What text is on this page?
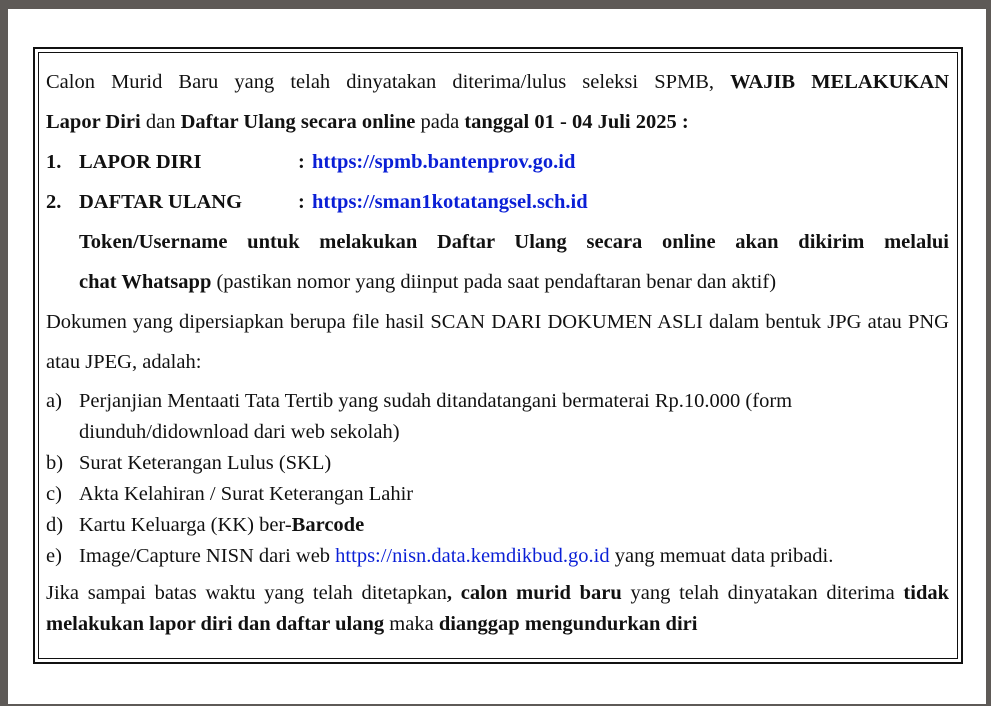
Calon Murid Baru yang telah dinyatakan diterima/lulus seleksi SPMB, WAJIB MELAKUKAN

Lapor Diri dan Daftar Ulang secara online pada tanggal 01 - 04 Juli 2025 :

1. LAPOR DIRI	: https://spmb.bantenprov.go.id
2. DAFTAR ULANG	: https://sman1kotatangsel.sch.id

Token/Username untuk melakukan Daftar Ulang secara online akan dikirim melalui

chat Whatsapp (pastikan nomor yang diinput pada saat pendaftaran benar dan aktif)

Dokumen yang dipersiapkan berupa file hasil SCAN DARI DOKUMEN ASLI dalam bentuk JPG atau PNG atau JPEG, adalah:

a) Perjanjian Mentaati Tata Tertib yang sudah ditandatangani bermaterai Rp.10.000 (form diunduh/didownload dari web sekolah)
b) Surat Keterangan Lulus (SKL)
c) Akta Kelahiran / Surat Keterangan Lahir
d) Kartu Keluarga (KK) ber-Barcode
e) Image/Capture NISN dari web https://nisn.data.kemdikbud.go.id yang memuat data pribadi.

Jika sampai batas waktu yang telah ditetapkan, calon murid baru yang telah dinyatakan diterima tidak melakukan lapor diri dan daftar ulang maka dianggap mengundurkan diri
